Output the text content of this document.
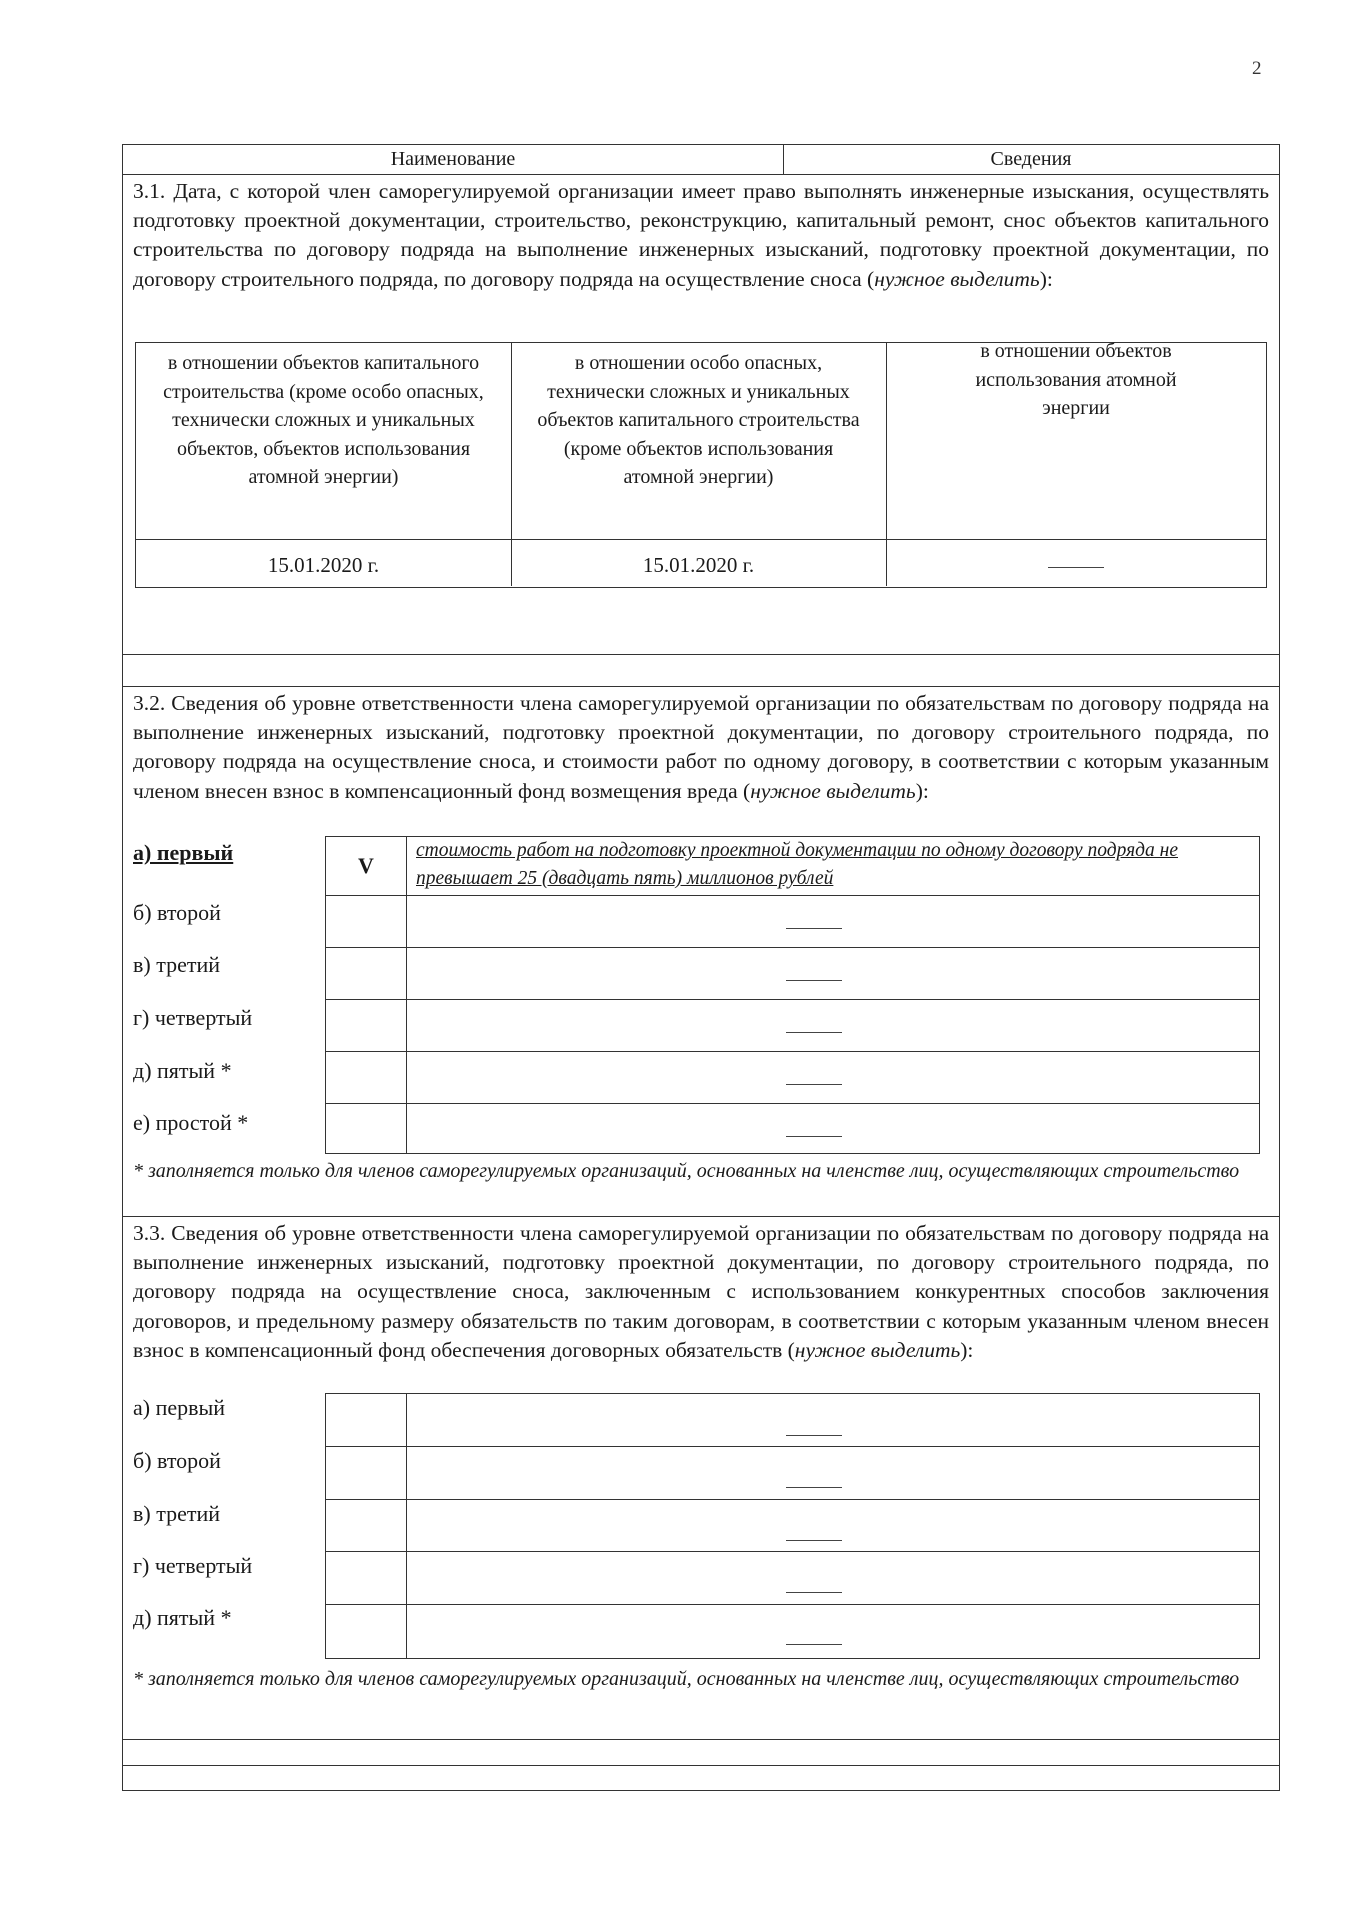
2
Наименование	Сведения
3.1. Дата, с которой член саморегулируемой организации имеет право выполнять инженерные изыскания, осуществлять подготовку проектной документации, строительство, реконструкцию, капитальный ремонт, снос объектов капитального строительства по договору подряда на выполнение инженерных изысканий, подготовку проектной документации, по договору строительного подряда, по договору подряда на осуществление сноса (нужное выделить):
в отношении объектов капитального строительства (кроме особо опасных, технически сложных и уникальных объектов, объектов использования атомной энергии)
15.01.2020 г.
в отношении особо опасных, технически сложных и уникальных объектов капитального строительства (кроме объектов использования атомной энергии)
15.01.2020 г.
в отношении объектов использования атомной энергии
3.2. Сведения об уровне ответственности члена саморегулируемой организации по обязательствам по договору подряда на выполнение инженерных изысканий, подготовку проектной документации, по договору строительного подряда, по договору подряда на осуществление сноса, и стоимости работ по одному договору, в соответствии с которым указанным членом внесен взнос в компенсационный фонд возмещения вреда (нужное выделить):
а) первый
б) второй
в) третий
г) четвертый
д) пятый *
е) простой *
V
стоимость работ на подготовку проектной документации по одному договору подряда не превышает 25 (двадцать пять) миллионов рублей
* заполняется только для членов саморегулируемых организаций, основанных на членстве лиц, осуществляющих строительство
3.3. Сведения об уровне ответственности члена саморегулируемой организации по обязательствам по договору подряда на выполнение инженерных изысканий, подготовку проектной документации, по договору строительного подряда, по договору подряда на осуществление сноса, заключенным с использованием конкурентных способов заключения договоров, и предельному размеру обязательств по таким договорам, в соответствии с которым указанным членом внесен взнос в компенсационный фонд обеспечения договорных обязательств (нужное выделить):
а) первый
б) второй
в) третий
г) четвертый
д) пятый *
* заполняется только для членов саморегулируемых организаций, основанных на членстве лиц, осуществляющих строительство
